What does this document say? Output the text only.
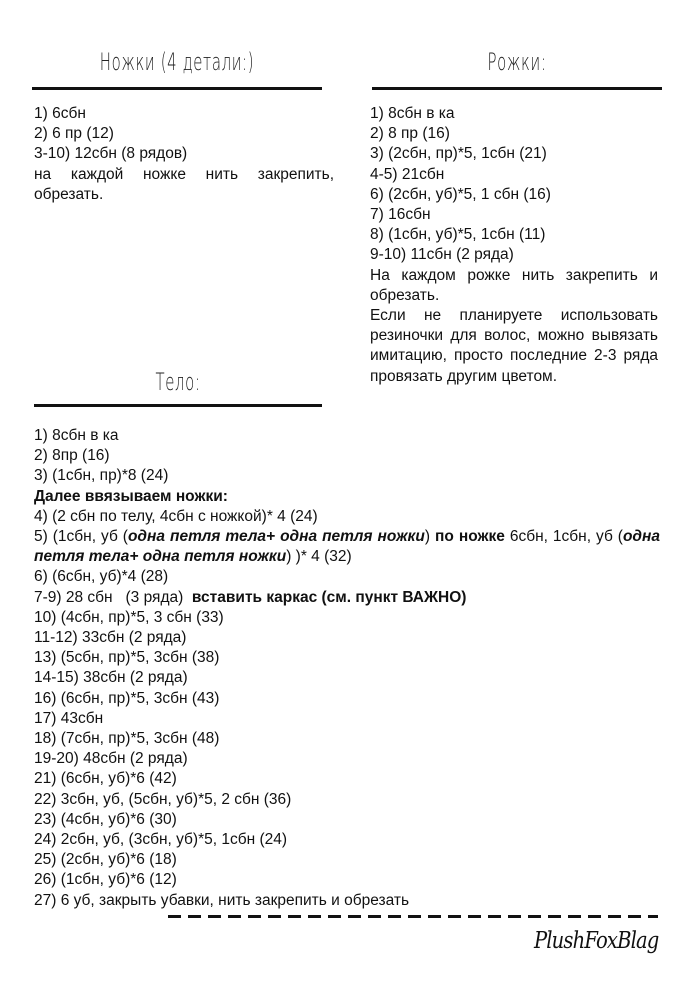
Ножки (4 детали:)
1) 6сбн
2) 6 пр (12)
3-10) 12сбн (8 рядов)
на каждой ножке нить закрепить, обрезать.
Рожки:
1) 8сбн в ка
2) 8 пр (16)
3) (2сбн, пр)*5, 1сбн (21)
4-5) 21сбн
6) (2сбн, уб)*5, 1 сбн (16)
7) 16сбн
8) (1сбн, уб)*5, 1сбн (11)
9-10) 11сбн (2 ряда)
На каждом рожке нить закрепить и обрезать.
Если не планируете использовать резиночки для волос, можно вывязать имитацию, просто последние 2-3 ряда провязать другим цветом.
Тело:
1) 8сбн в ка
2) 8пр (16)
3) (1сбн, пр)*8 (24)
Далее ввязываем ножки:
4) (2 сбн по телу, 4сбн с ножкой)* 4 (24)
5) (1сбн, уб (одна петля тела+ одна петля ножки) по ножке 6сбн, 1сбн, уб (одна петля тела+ одна петля ножки) )* 4 (32)
6) (6сбн, уб)*4 (28)
7-9) 28 сбн   (3 ряда)  вставить каркас (см. пункт ВАЖНО)
10) (4сбн, пр)*5, 3 сбн (33)
11-12) 33сбн (2 ряда)
13) (5сбн, пр)*5, 3сбн (38)
14-15) 38сбн (2 ряда)
16) (6сбн, пр)*5, 3сбн (43)
17) 43сбн
18) (7сбн, пр)*5, 3сбн (48)
19-20) 48сбн (2 ряда)
21) (6сбн, уб)*6 (42)
22) 3сбн, уб, (5сбн, уб)*5, 2 сбн (36)
23) (4сбн, уб)*6 (30)
24) 2сбн, уб, (3сбн, уб)*5, 1сбн (24)
25) (2сбн, уб)*6 (18)
26) (1сбн, уб)*6 (12)
27) 6 уб, закрыть убавки, нить закрепить и обрезать
PlushFoxBlag
